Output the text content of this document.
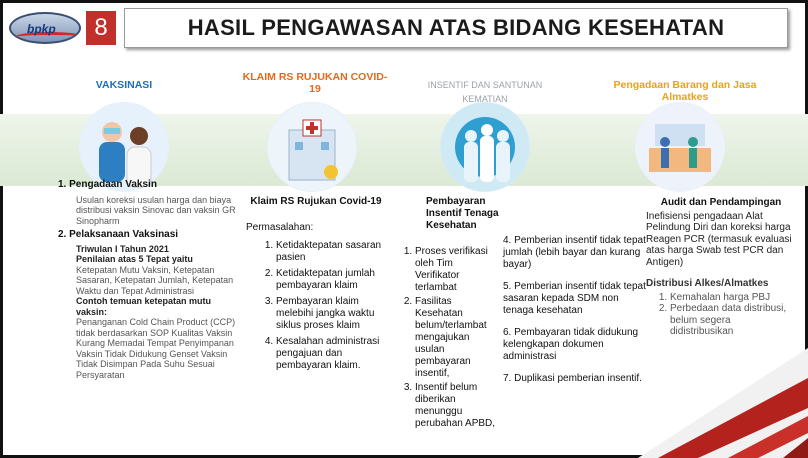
bpkp	8	HASIL PENGAWASAN ATAS BIDANG KESEHATAN
VAKSINASI
KLAIM RS RUJUKAN COVID-19	INSENTIF DAN SANTUNAN KEMATIAN
Pengadaan Barang dan Jasa Almatkes
1. Pengadaan Vaksin
Usulan koreksi usulan harga dan biaya distribusi vaksin Sinovac dan vaksin GR Sinopharm
2. Pelaksanaan Vaksinasi
Triwulan I Tahun 2021
Penilaian atas 5 Tepat yaitu
Ketepatan Mutu Vaksin, Ketepatan Sasaran, Ketepatan Jumlah, Ketepatan Waktu dan Tepat Administrasi
Contoh temuan ketepatan mutu vaksin:
Penanganan Cold Chain Product (CCP) tidak berdasarkan SOP Kualitas Vaksin Kurang Memadai Tempat Penyimpanan Vaksin Tidak Didukung Genset Vaksin Tidak Disimpan Pada Suhu Sesuai Persyaratan
Klaim RS Rujukan Covid-19
Permasalahan:
1. Ketidaktepatan sasaran pasien
2. Ketidaktepatan jumlah pembayaran klaim
3. Pembayaran klaim melebihi jangka waktu siklus proses klaim
4. Kesalahan administrasi pengajuan dan pembayaran klaim.
Pembayaran Insentif Tenaga Kesehatan
1. Proses verifikasi oleh Tim Verifikator terlambat
2. Fasilitas Kesehatan belum/terlambat mengajukan usulan pembayaran insentif,
3. Insentif belum diberikan menunggu perubahan APBD,
4. Pemberian insentif tidak tepat jumlah (lebih bayar dan kurang bayar)
5. Pemberian insentif tidak tepat sasaran kepada SDM non tenaga kesehatan
6. Pembayaran tidak didukung kelengkapan dokumen administrasi
7. Duplikasi pemberian insentif.
Audit dan Pendampingan
Inefisiensi pengadaan Alat Pelindung Diri dan koreksi harga Reagen PCR (termasuk evaluasi atas harga Swab test PCR dan Antigen)
Distribusi Alkes/Almatkes
1. Kemahalan harga PBJ
2. Perbedaan data distribusi, belum segera didistribusikan
